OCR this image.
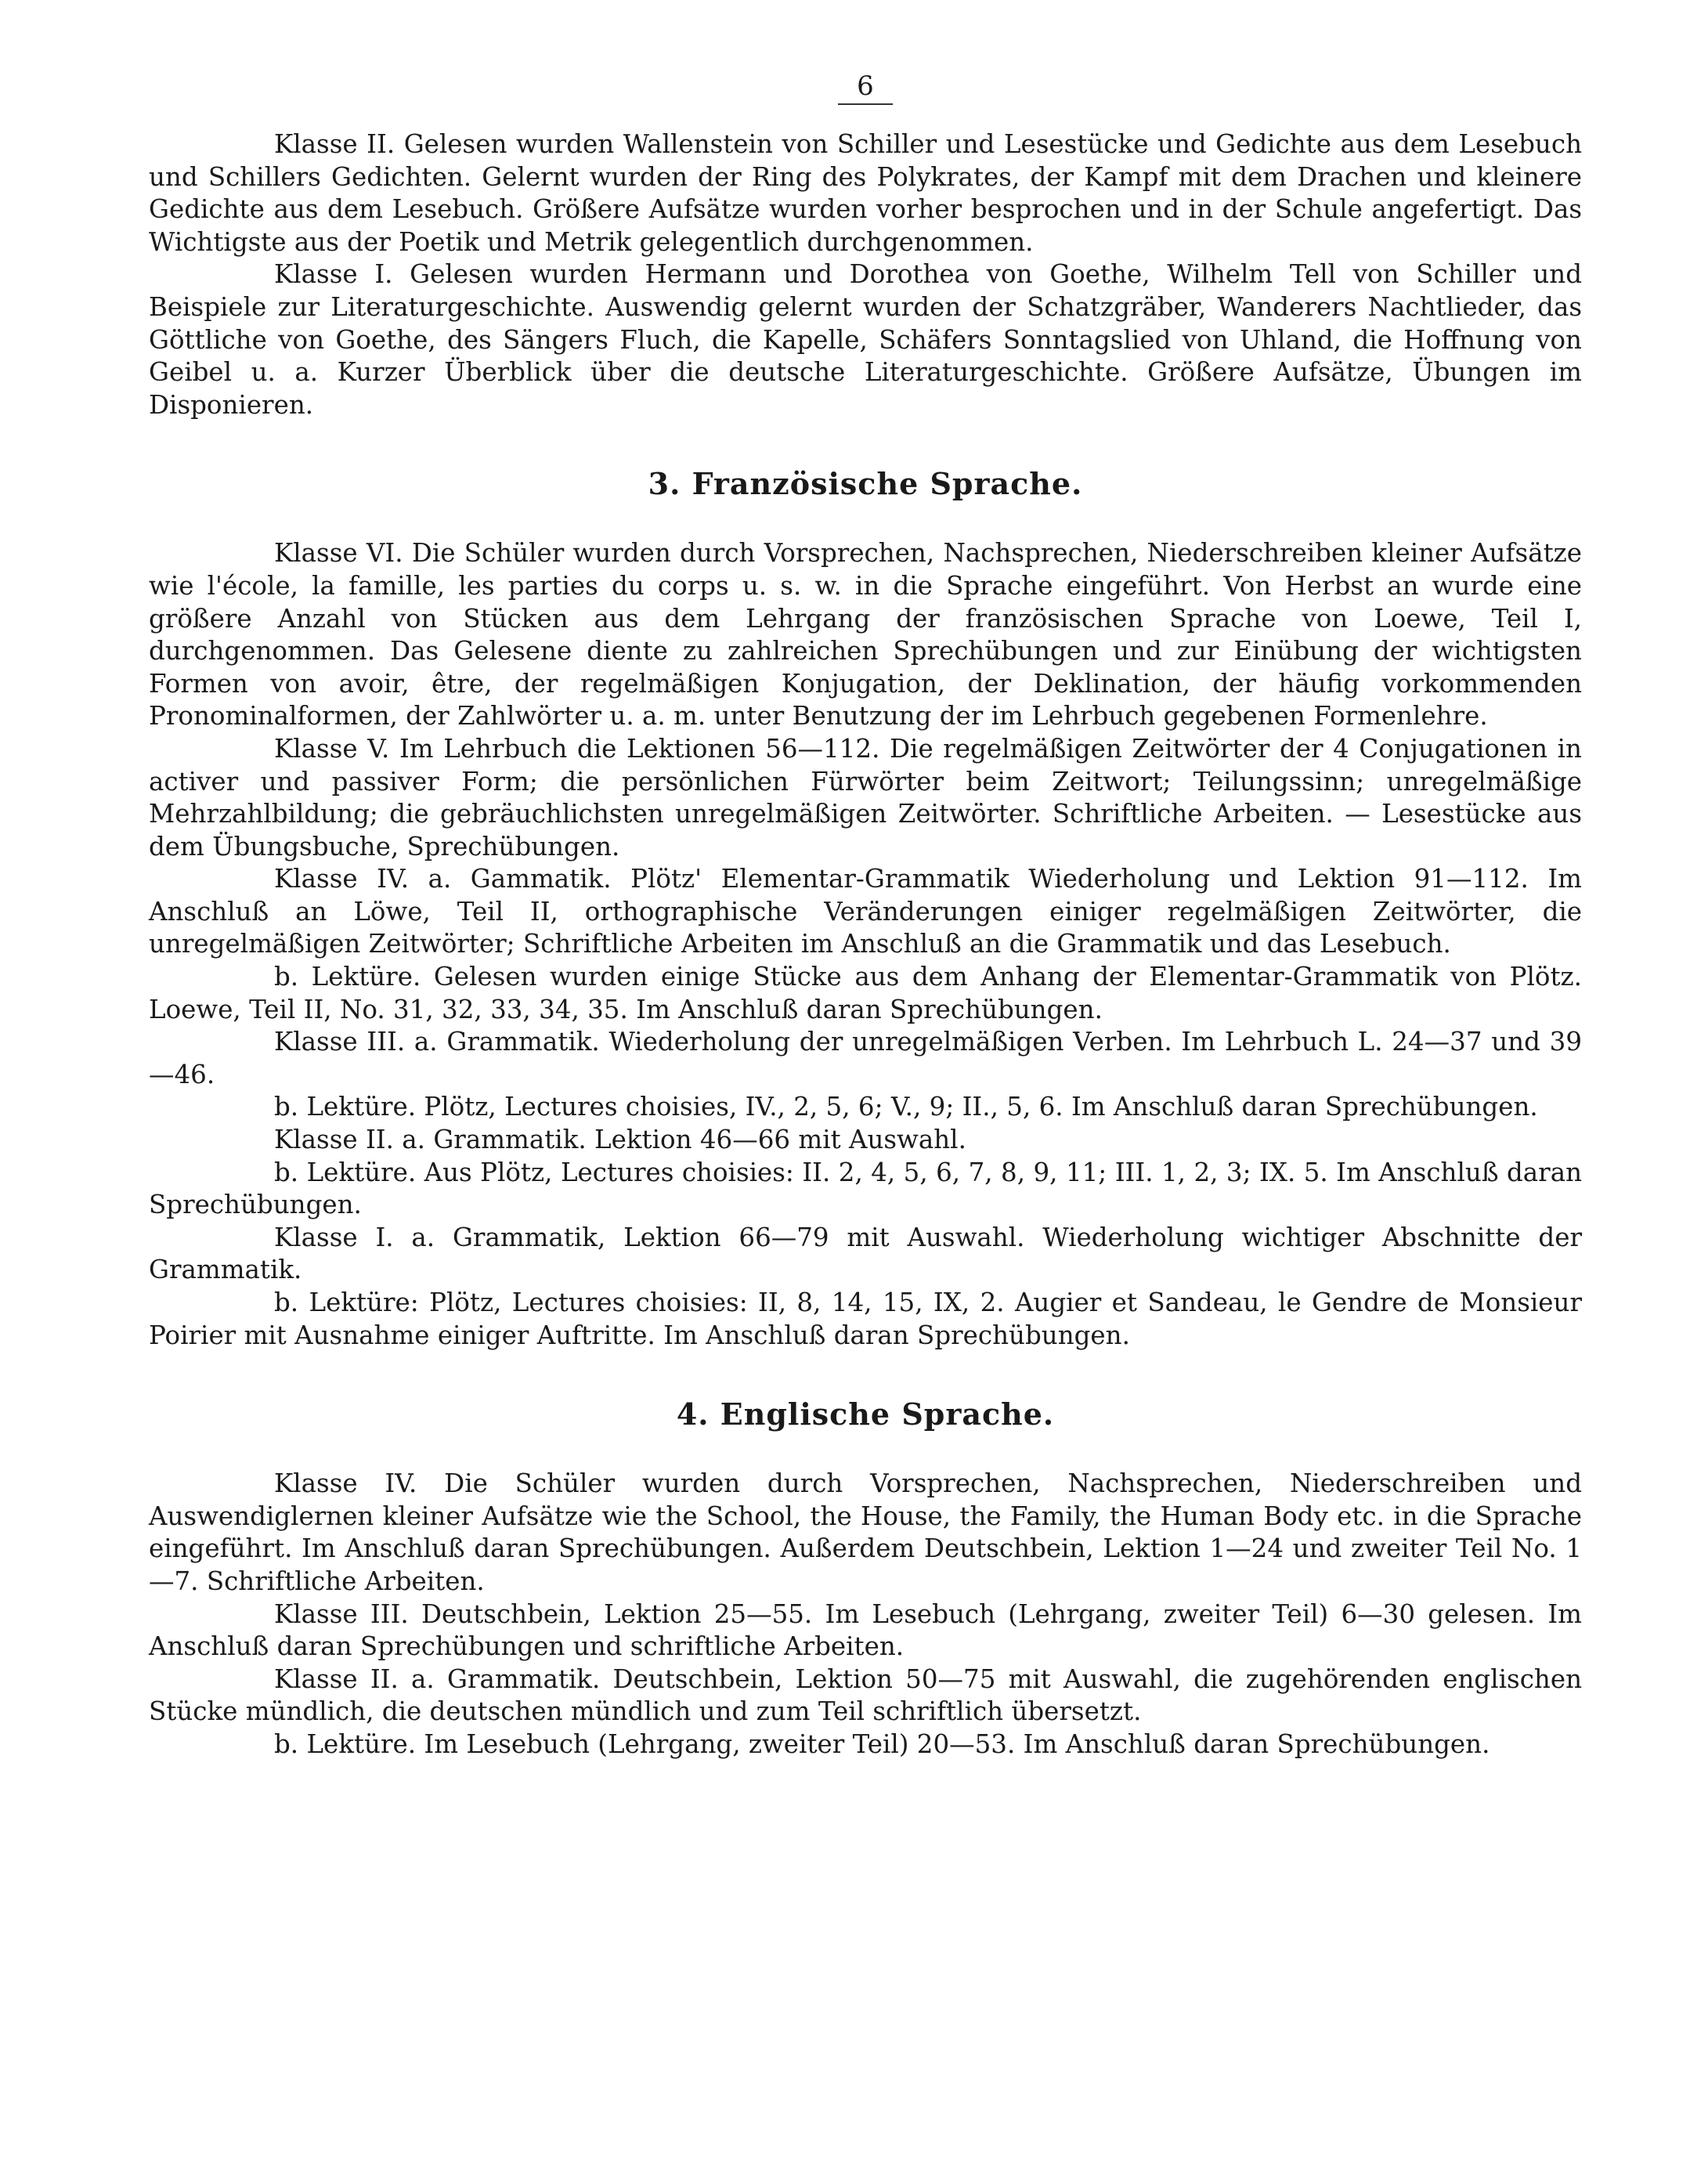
6

Klasse II. Gelesen wurden Wallenstein von Schiller und Lesestücke und Gedichte aus dem Lesebuch und Schillers Gedichten. Gelernt wurden der Ring des Polykrates, der Kampf mit dem Drachen und kleinere Gedichte aus dem Lesebuch. Größere Aufsätze wurden vorher besprochen und in der Schule angefertigt. Das Wichtigste aus der Poetik und Metrik gelegentlich durchgenommen.

Klasse I. Gelesen wurden Hermann und Dorothea von Goethe, Wilhelm Tell von Schiller und Beispiele zur Literaturgeschichte. Auswendig gelernt wurden der Schatzgräber, Wanderers Nachtlieder, das Göttliche von Goethe, des Sängers Fluch, die Kapelle, Schäfers Sonntagslied von Uhland, die Hoffnung von Geibel u. a. Kurzer Überblick über die deutsche Literaturgeschichte. Größere Aufsätze, Übungen im Disponieren.

3. Französische Sprache.

Klasse VI. Die Schüler wurden durch Vorsprechen, Nachsprechen, Niederschreiben kleiner Aufsätze wie l'école, la famille, les parties du corps u. s. w. in die Sprache eingeführt. Von Herbst an wurde eine größere Anzahl von Stücken aus dem Lehrgang der französischen Sprache von Loewe, Teil I, durchgenommen. Das Gelesene diente zu zahlreichen Sprechübungen und zur Einübung der wichtigsten Formen von avoir, être, der regelmäßigen Konjugation, der Deklination, der häufig vorkommenden Pronominalformen, der Zahlwörter u. a. m. unter Benutzung der im Lehrbuch gegebenen Formenlehre.

Klasse V. Im Lehrbuch die Lektionen 56—112. Die regelmäßigen Zeitwörter der 4 Conjugationen in activer und passiver Form; die persönlichen Fürwörter beim Zeitwort; Teilungssinn; unregelmäßige Mehrzahlbildung; die gebräuchlichsten unregelmäßigen Zeitwörter. Schriftliche Arbeiten. — Lesestücke aus dem Übungsbuche, Sprechübungen.

Klasse IV. a. Gammatik. Plötz' Elementar-Grammatik Wiederholung und Lektion 91—112. Im Anschluß an Löwe, Teil II, orthographische Veränderungen einiger regelmäßigen Zeitwörter, die unregelmäßigen Zeitwörter; Schriftliche Arbeiten im Anschluß an die Grammatik und das Lesebuch.

b. Lektüre. Gelesen wurden einige Stücke aus dem Anhang der Elementar-Grammatik von Plötz. Loewe, Teil II, No. 31, 32, 33, 34, 35. Im Anschluß daran Sprechübungen.

Klasse III. a. Grammatik. Wiederholung der unregelmäßigen Verben. Im Lehrbuch L. 24—37 und 39—46.

b. Lektüre. Plötz, Lectures choisies, IV., 2, 5, 6; V., 9; II., 5, 6. Im Anschluß daran Sprechübungen.

Klasse II. a. Grammatik. Lektion 46—66 mit Auswahl.

b. Lektüre. Aus Plötz, Lectures choisies: II. 2, 4, 5, 6, 7, 8, 9, 11; III. 1, 2, 3; IX. 5. Im Anschluß daran Sprechübungen.

Klasse I. a. Grammatik, Lektion 66—79 mit Auswahl. Wiederholung wichtiger Abschnitte der Grammatik.

b. Lektüre: Plötz, Lectures choisies: II, 8, 14, 15, IX, 2. Augier et Sandeau, le Gendre de Monsieur Poirier mit Ausnahme einiger Auftritte. Im Anschluß daran Sprechübungen.

4. Englische Sprache.

Klasse IV. Die Schüler wurden durch Vorsprechen, Nachsprechen, Niederschreiben und Auswendiglernen kleiner Aufsätze wie the School, the House, the Family, the Human Body etc. in die Sprache eingeführt. Im Anschluß daran Sprechübungen. Außerdem Deutschbein, Lektion 1—24 und zweiter Teil No. 1—7. Schriftliche Arbeiten.

Klasse III. Deutschbein, Lektion 25—55. Im Lesebuch (Lehrgang, zweiter Teil) 6—30 gelesen. Im Anschluß daran Sprechübungen und schriftliche Arbeiten.

Klasse II. a. Grammatik. Deutschbein, Lektion 50—75 mit Auswahl, die zugehörenden englischen Stücke mündlich, die deutschen mündlich und zum Teil schriftlich übersetzt.

b. Lektüre. Im Lesebuch (Lehrgang, zweiter Teil) 20—53. Im Anschluß daran Sprechübungen.
